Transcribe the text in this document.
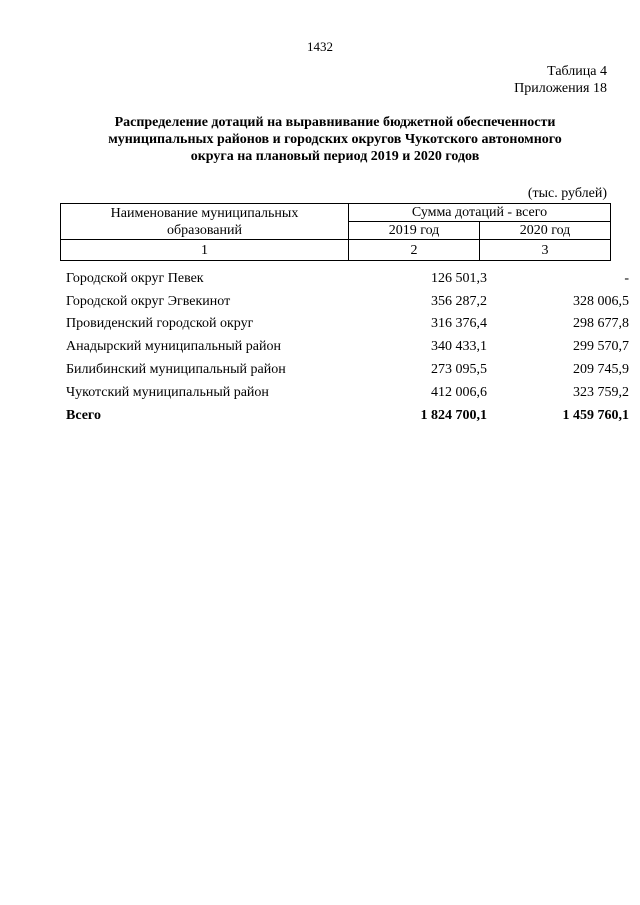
1432
Таблица 4
Приложения 18
Распределение дотаций на выравнивание бюджетной обеспеченности
муниципальных районов и городских округов Чукотского автономного
округа на плановый период 2019 и 2020 годов
(тыс. рублей)
Наименование муниципальных
образований	Сумма дотаций - всего	
	2019 год	2020 год
1	2	3
Городской округ Певек	126 501,3	-
Городской округ Эгвекинот	356 287,2	328 006,5
Провиденский городской округ	316 376,4	298 677,8
Анадырский муниципальный район	340 433,1	299 570,7
Билибинский муниципальный район	273 095,5	209 745,9
Чукотский муниципальный район	412 006,6	323 759,2
Всего	1 824 700,1	1 459 760,1
